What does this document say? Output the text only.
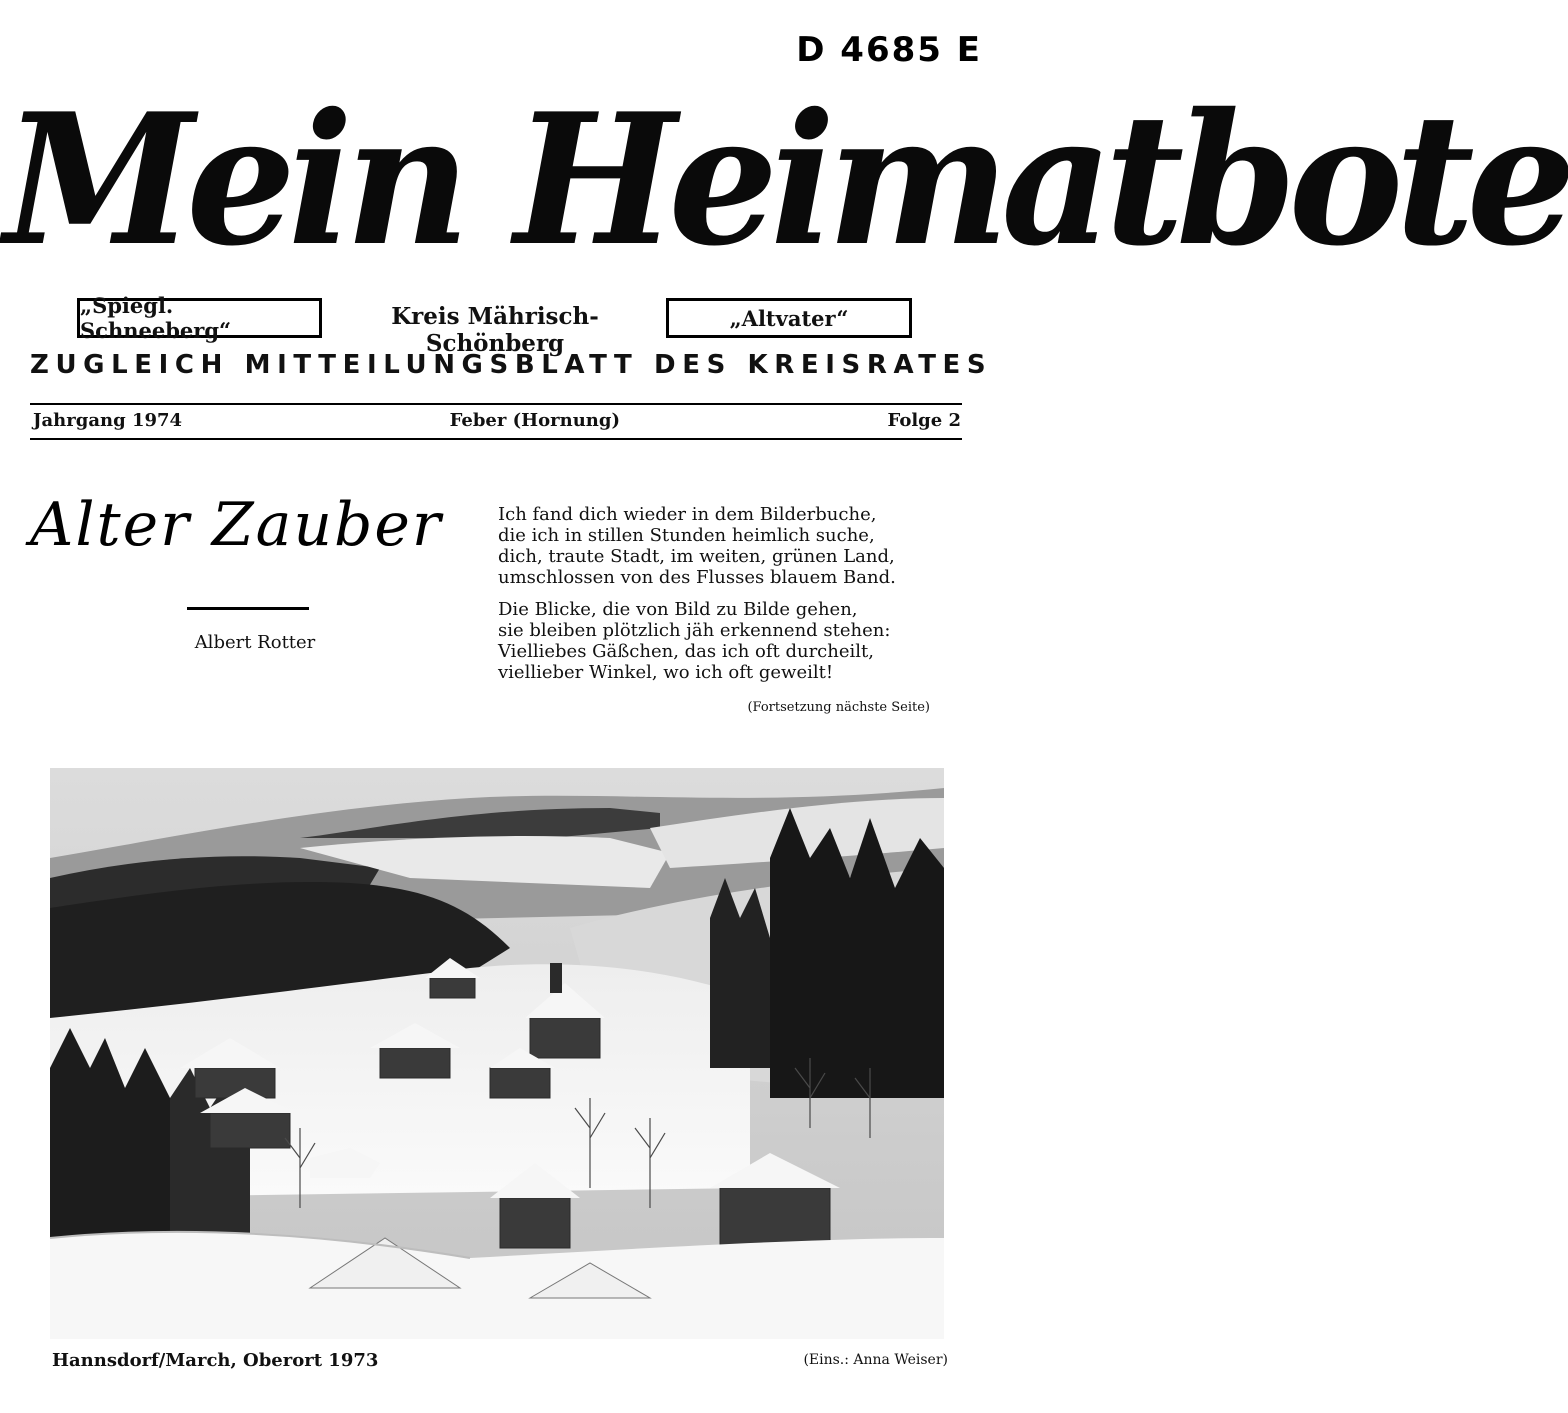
D 4685 E
Mein Heimatbote
„Spiegl. Schneeberg“
Kreis Mährisch-Schönberg
„Altvater“
ZUGLEICH MITTEILUNGSBLATT DES KREISRATES
Jahrgang 1974	Feber (Hornung)	Folge 2
Alter Zauber
Albert Rotter
Ich fand dich wieder in dem Bilderbuche,
die ich in stillen Stunden heimlich suche,
dich, traute Stadt, im weiten, grünen Land,
umschlossen von des Flusses blauem Band.
Die Blicke, die von Bild zu Bilde gehen,
sie bleiben plötzlich jäh erkennend stehen:
Vielliebes Gäßchen, das ich oft durcheilt,
viellieber Winkel, wo ich oft geweilt!
(Fortsetzung nächste Seite)
Hannsdorf/March, Oberort 1973	(Eins.: Anna Weiser)
